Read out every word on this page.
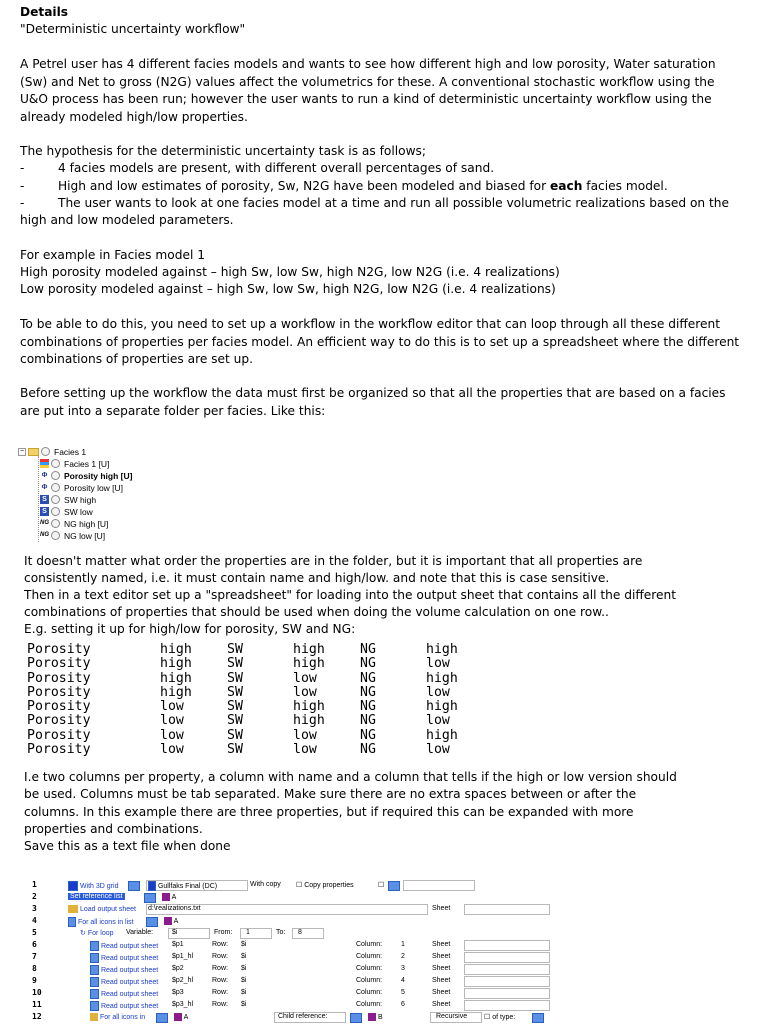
Details
"Deterministic uncertainty workflow"
A Petrel user has 4 different facies models and wants to see how different high and low porosity, Water saturation (Sw) and Net to gross (N2G) values affect the volumetrics for these. A conventional stochastic workflow using the U&O process has been run; however the user wants to run a kind of deterministic uncertainty workflow using the already modeled high/low properties.
The hypothesis for the deterministic uncertainty task is as follows;
-	4 facies models are present, with different overall percentages of sand.
-	High and low estimates of porosity, Sw, N2G have been modeled and biased for each facies model.
-	The user wants to look at one facies model at a time and run all possible volumetric realizations based on the
high and low modeled parameters.
For example in Facies model 1
High porosity modeled against – high Sw, low Sw, high N2G, low N2G (i.e. 4 realizations)
Low porosity modeled against – high Sw, low Sw, high N2G, low N2G (i.e. 4 realizations)
To be able to do this, you need to set up a workflow in the workflow editor that can loop through all these different combinations of properties per facies model. An efficient way to do this is to set up a spreadsheet where the different combinations of properties are set up.
Before setting up the workflow the data must first be organized so that all the properties that are based on a facies are put into a separate folder per facies. Like this:
−	Facies 1
Facies 1 [U]
Φ Porosity high [U]
Φ Porosity low [U]
S SW high
S SW low
NG NG high [U]
NG NG low [U]
It doesn't matter what order the properties are in the folder, but it is important that all properties are
consistently named, i.e. it must contain name and high/low. and note that this is case sensitive.
Then in a text editor set up a "spreadsheet" for loading into the output sheet that contains all the different
combinations of properties that should be used when doing the volume calculation on one row..
E.g. setting it up for high/low for porosity, SW and NG:
Porosity	high	SW	high	NG	high
Porosity	high	SW	high	NG	low
Porosity	high	SW	low	NG	high
Porosity	high	SW	low	NG	low
Porosity	low	SW	high	NG	high
Porosity	low	SW	high	NG	low
Porosity	low	SW	low	NG	high
Porosity	low	SW	low	NG	low
I.e two columns per property, a column with name and a column that tells if the high or low version should
be used. Columns must be tab separated. Make sure there are no extra spaces between or after the
columns. In this example there are three properties, but if required this can be expanded with more
properties and combinations.
Save this as a text file when done
1	With 3D grid	Gullfaks Final (DC)	With copy ☐ Copy properties	☐
2	Set reference list	A
3	Load output sheet d:\realizations.txt	Sheet
4	For all icons in list	A
5	↻ For loop Variable:	$i	From: 1	To: 8
6	Read output sheet $p1	Row: $i	Column:	1	Sheet
7	Read output sheet $p1_hl	Row: $i	Column:	2	Sheet
8	Read output sheet $p2	Row: $i	Column:	3	Sheet
9	Read output sheet $p2_hl	Row: $i	Column:	4	Sheet
10	Read output sheet $p3	Row: $i	Column:	5	Sheet
11	Read output sheet $p3_hl	Row: $i	Column:	6	Sheet
12	For all icons in	A	Child reference:	B	Recursive ☐ of type:
